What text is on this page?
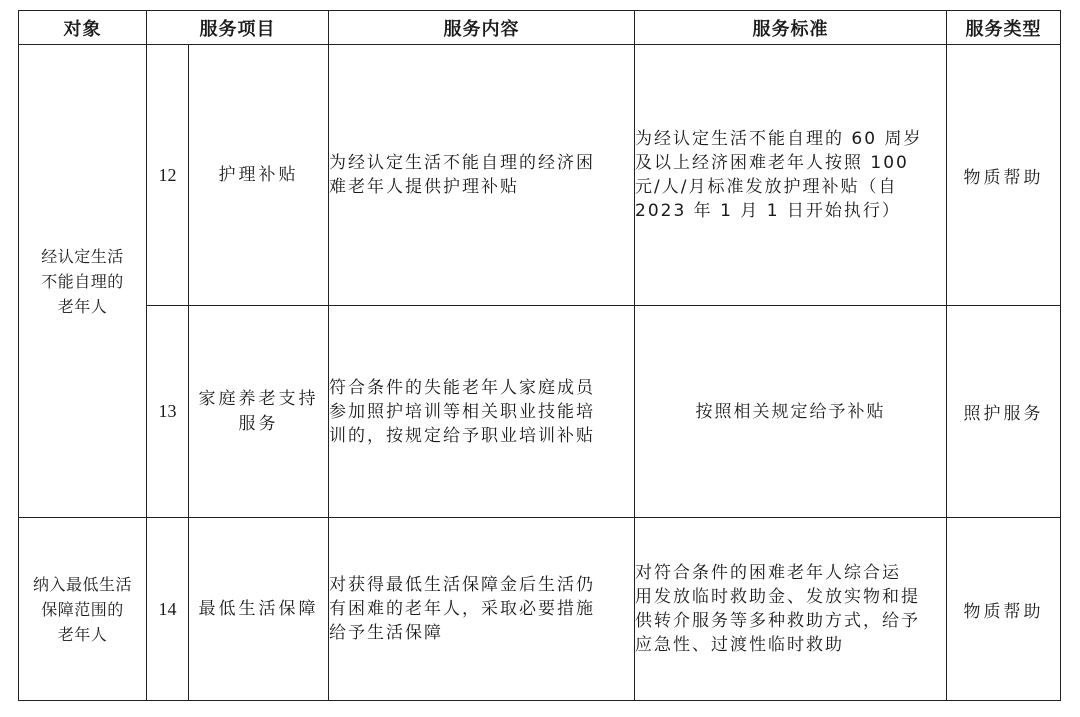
对象	服务项目		服务内容	服务标准	服务类型

经认定生活
不能自理的
老年人	12	护理补贴	为经认定生活不能自理的经济困
难老年人提供护理补贴	为经认定生活不能自理的 60 周岁
及以上经济困难老年人按照 100
元/人/月标准发放护理补贴（自
2023 年 1 月 1 日开始执行）	物质帮助
	13	家庭养老支持
服务	符合条件的失能老年人家庭成员
参加照护培训等相关职业技能培
训的，按规定给予职业培训补贴	按照相关规定给予补贴	照护服务

纳入最低生活
保障范围的
老年人	14	最低生活保障	对获得最低生活保障金后生活仍
有困难的老年人，采取必要措施
给予生活保障	对符合条件的困难老年人综合运
用发放临时救助金、发放实物和提
供转介服务等多种救助方式，给予
应急性、过渡性临时救助	物质帮助
